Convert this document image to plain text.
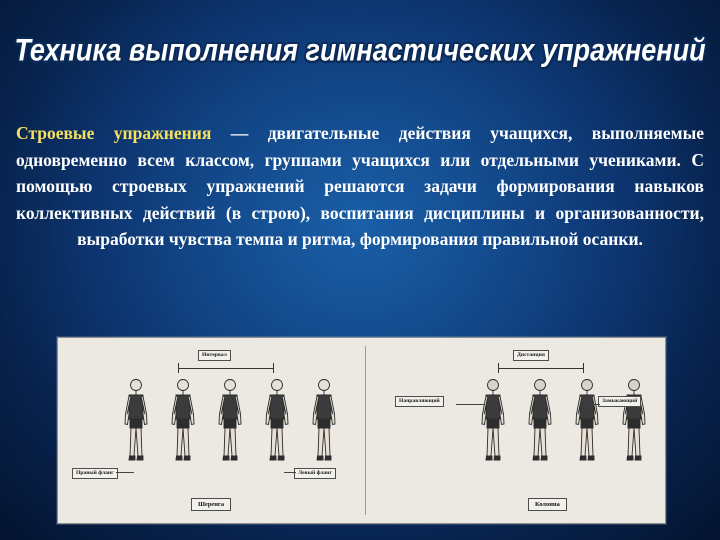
Техника выполнения гимнастических упражнений
Строевые упражнения — двигательные действия учащихся, выполняемые одновременно всем классом, группами учащихся или отдельными учениками. С помощью строевых упражнений решаются задачи формирования навыков коллективных действий (в строю), воспитания дисциплины и организованности, выработки чувства темпа и ритма, формирования правильной осанки.
Интервал
Правый фланг	Левый фланг
Шеренга
Дистанция
Направляющий	Замыкающий
Колонна
